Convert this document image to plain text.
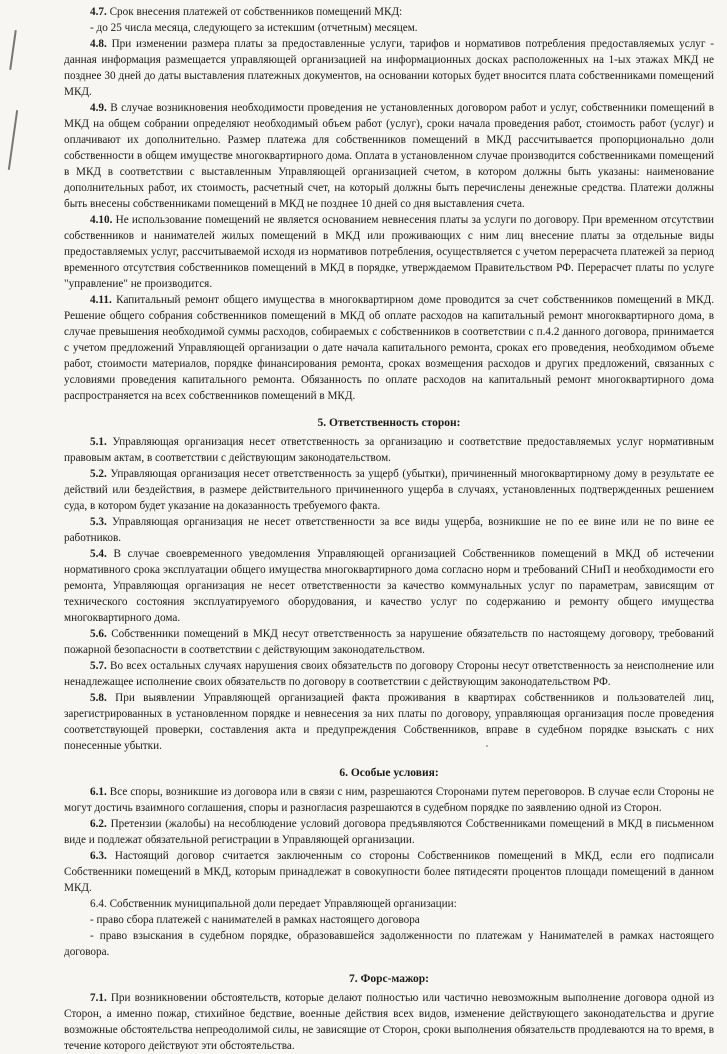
4.7. Срок внесения платежей от собственников помещений МКД:

- до 25 числа месяца, следующего за истекшим (отчетным) месяцем.

4.8. При изменении размера платы за предоставленные услуги, тарифов и нормативов потребления предоставляемых услуг - данная информация размещается управляющей организацией на информационных досках расположенных на 1-ых этажах МКД не позднее 30 дней до даты выставления платежных документов, на основании которых будет вносится плата собственниками помещений МКД.

4.9. В случае возникновения необходимости проведения не установленных договором работ и услуг, собственники помещений в МКД на общем собрании определяют необходимый объем работ (услуг), сроки начала проведения работ, стоимость работ (услуг) и оплачивают их дополнительно. Размер платежа для собственников помещений в МКД рассчитывается пропорционально доли собственности в общем имуществе многоквартирного дома. Оплата в установленном случае производится собственниками помещений в МКД в соответствии с выставленным Управляющей организацией счетом, в котором должны быть указаны: наименование дополнительных работ, их стоимость, расчетный счет, на который должны быть перечислены денежные средства. Платежи должны быть внесены собственниками помещений в МКД не позднее 10 дней со дня выставления счета.

4.10. Не использование помещений не является основанием невнесения платы за услуги по договору. При временном отсутствии собственников и нанимателей жилых помещений в МКД или проживающих с ним лиц внесение платы за отдельные виды предоставляемых услуг, рассчитываемой исходя из нормативов потребления, осуществляется с учетом перерасчета платежей за период временного отсутствия собственников помещений в МКД в порядке, утверждаемом Правительством РФ. Перерасчет платы по услуге "управление" не производится.

4.11. Капитальный ремонт общего имущества в многоквартирном доме проводится за счет собственников помещений в МКД. Решение общего собрания собственников помещений в МКД об оплате расходов на капитальный ремонт многоквартирного дома, в случае превышения необходимой суммы расходов, собираемых с собственников в соответствии с п.4.2 данного договора, принимается с учетом предложений Управляющей организации о дате начала капитального ремонта, сроках его проведения, необходимом объеме работ, стоимости материалов, порядке финансирования ремонта, сроках возмещения расходов и других предложений, связанных с условиями проведения капитального ремонта. Обязанность по оплате расходов на капитальный ремонт многоквартирного дома распространяется на всех собственников помещений в МКД.

5. Ответственность сторон:

5.1. Управляющая организация несет ответственность за организацию и соответствие предоставляемых услуг нормативным правовым актам, в соответствии с действующим законодательством.

5.2. Управляющая организация несет ответственность за ущерб (убытки), причиненный многоквартирному дому в результате ее действий или бездействия, в размере действительного причиненного ущерба в случаях, установленных подтвержденных решением суда, в котором будет указание на доказанность требуемого факта.

5.3. Управляющая организация не несет ответственности за все виды ущерба, возникшие не по ее вине или не по вине ее работников.

5.4. В случае своевременного уведомления Управляющей организацией Собственников помещений в МКД об истечении нормативного срока эксплуатации общего имущества многоквартирного дома согласно норм и требований СНиП и необходимости его ремонта, Управляющая организация не несет ответственности за качество коммунальных услуг по параметрам, зависящим от технического состояния эксплуатируемого оборудования, и качество услуг по содержанию и ремонту общего имущества многоквартирного дома.

5.6. Собственники помещений в МКД несут ответственность за нарушение обязательств по настоящему договору, требований пожарной безопасности в соответствии с действующим законодательством.

5.7. Во всех остальных случаях нарушения своих обязательств по договору Стороны несут ответственность за неисполнение или ненадлежащее исполнение своих обязательств по договору в соответствии с действующим законодательством РФ.

5.8. При выявлении Управляющей организацией факта проживания в квартирах собственников и пользователей лиц, зарегистрированных в установленном порядке и невнесения за них платы по договору, управляющая организация после проведения соответствующей проверки, составления акта и предупреждения Собственников, вправе в судебном порядке взыскать с них понесенные убытки.

6. Особые условия:

6.1. Все споры, возникшие из договора или в связи с ним, разрешаются Сторонами путем переговоров. В случае если Стороны не могут достичь взаимного соглашения, споры и разногласия разрешаются в судебном порядке по заявлению одной из Сторон.

6.2. Претензии (жалобы) на несоблюдение условий договора предъявляются Собственниками помещений в МКД в письменном виде и подлежат обязательной регистрации в Управляющей организации.

6.3. Настоящий договор считается заключенным со стороны Собственников помещений в МКД, если его подписали Собственники помещений в МКД, которым принадлежат в совокупности более пятидесяти процентов площади помещений в данном МКД.

6.4. Собственник муниципальной доли передает Управляющей организации:

- право сбора платежей с нанимателей в рамках настоящего договора

- право взыскания в судебном порядке, образовавшейся задолженности по платежам у Нанимателей в рамках настоящего договора.

7. Форс-мажор:

7.1. При возникновении обстоятельств, которые делают полностью или частично невозможным выполнение договора одной из Сторон, а именно пожар, стихийное бедствие, военные действия всех видов, изменение действующего законодательства и другие возможные обстоятельства непреодолимой силы, не зависящие от Сторон, сроки выполнения обязательств продлеваются на то время, в течение которого действуют эти обстоятельства.
